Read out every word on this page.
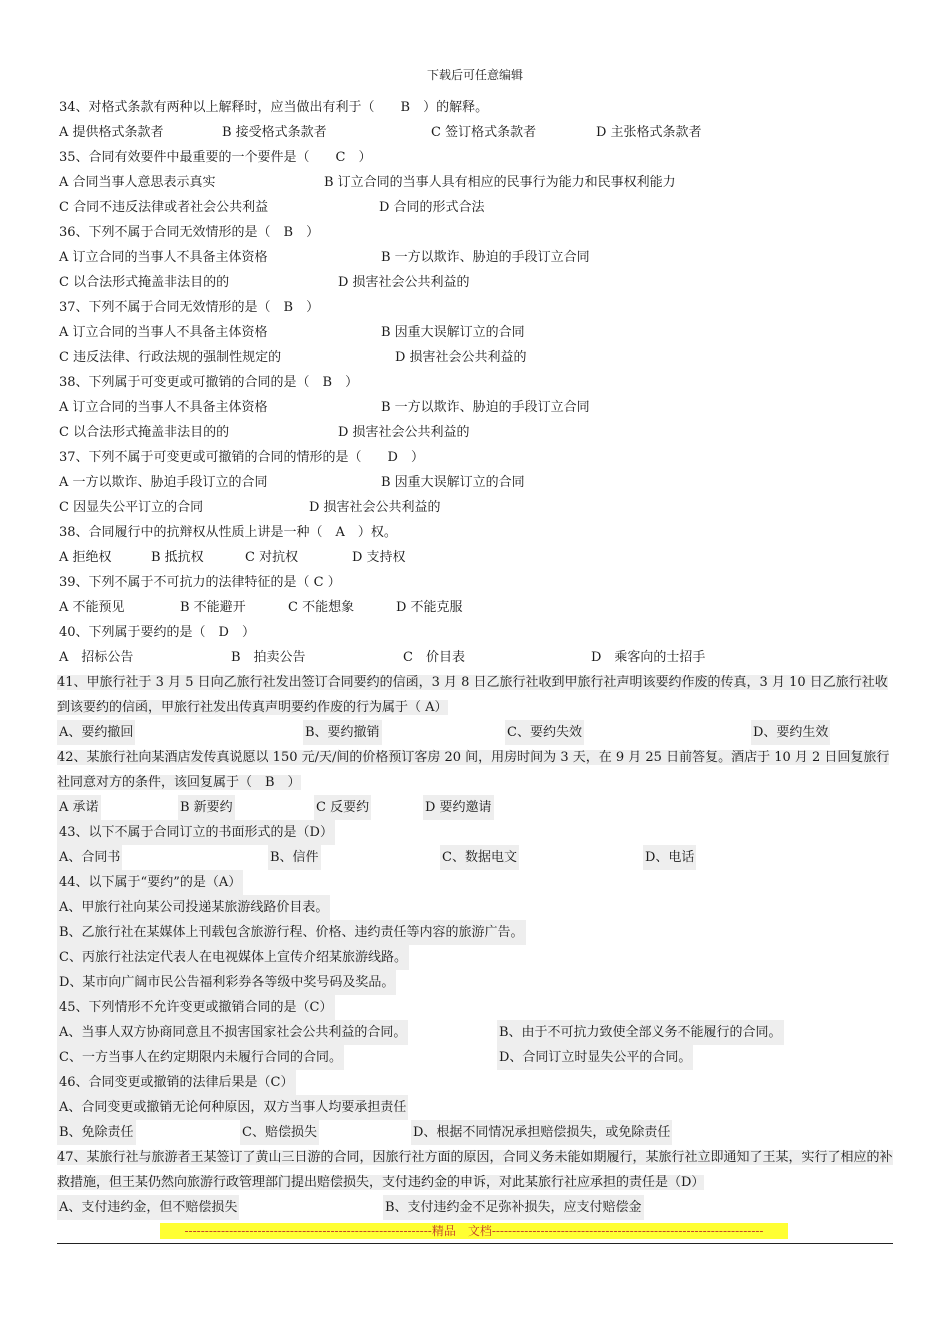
下载后可任意编辑
34、对格式条款有两种以上解释时，应当做出有利于（　　B　）的解释。
A 提供格式条款者	B 接受格式条款者	C 签订格式条款者	D 主张格式条款者
35、合同有效要件中最重要的一个要件是（　　C　）
A 合同当事人意思表示真实	B 订立合同的当事人具有相应的民事行为能力和民事权利能力
C 合同不违反法律或者社会公共利益	D 合同的形式合法
36、下列不属于合同无效情形的是（　B　）
A 订立合同的当事人不具备主体资格	B 一方以欺诈、胁迫的手段订立合同
C 以合法形式掩盖非法目的的	D 损害社会公共利益的
37、下列不属于合同无效情形的是（　B　）
A 订立合同的当事人不具备主体资格	B 因重大误解订立的合同
C 违反法律、行政法规的强制性规定的	D 损害社会公共利益的
38、下列属于可变更或可撤销的合同的是（　B　）
A 订立合同的当事人不具备主体资格	B 一方以欺诈、胁迫的手段订立合同
C 以合法形式掩盖非法目的的	D 损害社会公共利益的
37、下列不属于可变更或可撤销的合同的情形的是（　　D　）
A 一方以欺诈、胁迫手段订立的合同	B 因重大误解订立的合同
C 因显失公平订立的合同	D 损害社会公共利益的
38、合同履行中的抗辩权从性质上讲是一种（　A　）权。
A 拒绝权	B 抵抗权	C 对抗权	D 支持权
39、下列不属于不可抗力的法律特征的是（ C ）
A 不能预见	B 不能避开	C 不能想象	D 不能克服
40、下列属于要约的是（　D　）
A　招标公告	B　拍卖公告	C　价目表	D　乘客向的士招手
41、甲旅行社于 3 月 5 日向乙旅行社发出签订合同要约的信函，3 月 8 日乙旅行社收到甲旅行社声明该要约作废的传真，3 月 10 日乙旅行社收到该要约的信函，甲旅行社发出传真声明要约作废的行为属于（ A）
A、要约撤回	B、要约撤销	C、要约失效	D、要约生效
42、某旅行社向某酒店发传真说愿以 150 元/天/间的价格预订客房 20 间，用房时间为 3 天，在 9 月 25 日前答复。酒店于 10 月 2 日回复旅行社同意对方的条件，该回复属于（　B　）
A 承诺	B 新要约	C 反要约	D 要约邀请
43、以下不属于合同订立的书面形式的是（D）
A、合同书	B、信件	C、数据电文	D、电话
44、以下属于“要约”的是（A）
A、甲旅行社向某公司投递某旅游线路价目表。
B、乙旅行社在某媒体上刊载包含旅游行程、价格、违约责任等内容的旅游广告。
C、丙旅行社法定代表人在电视媒体上宣传介绍某旅游线路。
D、某市向广阔市民公告福利彩券各等级中奖号码及奖品。
45、下列情形不允许变更或撤销合同的是（C）
A、当事人双方协商同意且不损害国家社会公共利益的合同。	B、由于不可抗力致使全部义务不能履行的合同。
C、一方当事人在约定期限内未履行合同的合同。	D、合同订立时显失公平的合同。
46、合同变更或撤销的法律后果是（C）
A、合同变更或撤销无论何种原因，双方当事人均要承担责任
B、免除责任	C、赔偿损失	D、根据不同情况承担赔偿损失，或免除责任
47、某旅行社与旅游者王某签订了黄山三日游的合同，因旅行社方面的原因，合同义务未能如期履行，某旅行社立即通知了王某，实行了相应的补救措施，但王某仍然向旅游行政管理部门提出赔偿损失，支付违约金的申诉，对此某旅行社应承担的责任是（D）
A、支付违约金，但不赔偿损失	B、支付违约金不足弥补损失，应支付赔偿金
-------------------------------------------------------------精品　文档-------------------------------------------------------------------
